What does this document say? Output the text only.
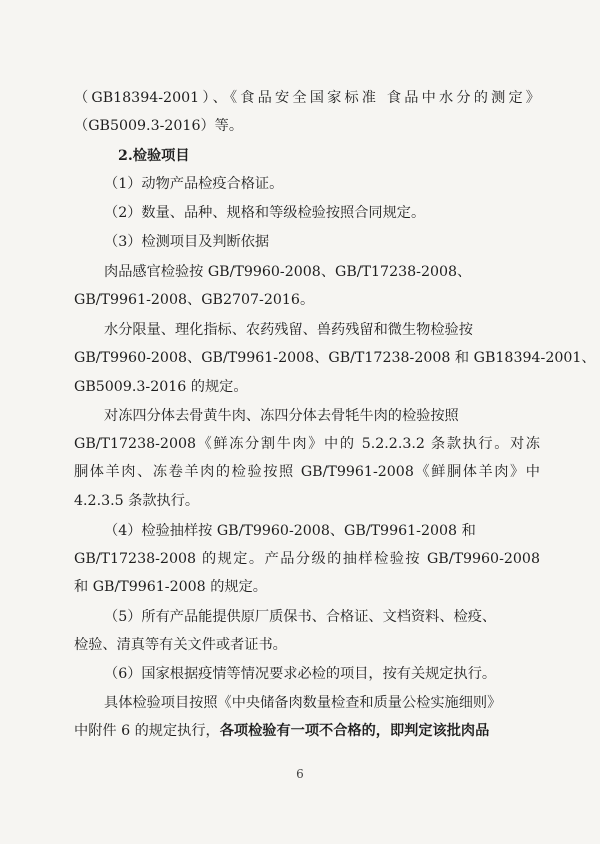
（GB18394-2001）、《食品安全国家标准 食品中水分的测定》

（GB5009.3-2016）等。

2.检验项目

（1）动物产品检疫合格证。

（2）数量、品种、规格和等级检验按照合同规定。

（3）检测项目及判断依据

肉品感官检验按 GB/T9960-2008、GB/T17238-2008、

GB/T9961-2008、GB2707-2016。

水分限量、理化指标、农药残留、兽药残留和微生物检验按

GB/T9960-2008、GB/T9961-2008、GB/T17238-2008 和 GB18394-2001、

GB5009.3-2016 的规定。

对冻四分体去骨黄牛肉、冻四分体去骨牦牛肉的检验按照

GB/T17238-2008《鲜冻分割牛肉》中的 5.2.2.3.2 条款执行。对冻

胴体羊肉、冻卷羊肉的检验按照 GB/T9961-2008《鲜胴体羊肉》中

4.2.3.5 条款执行。

（4）检验抽样按 GB/T9960-2008、GB/T9961-2008 和

GB/T17238-2008 的规定。产品分级的抽样检验按 GB/T9960-2008

和 GB/T9961-2008 的规定。

（5）所有产品能提供原厂质保书、合格证、文档资料、检疫、

检验、清真等有关文件或者证书。

（6）国家根据疫情等情况要求必检的项目，按有关规定执行。

具体检验项目按照《中央储备肉数量检查和质量公检实施细则》

中附件 6 的规定执行，各项检验有一项不合格的，即判定该批肉品

6
